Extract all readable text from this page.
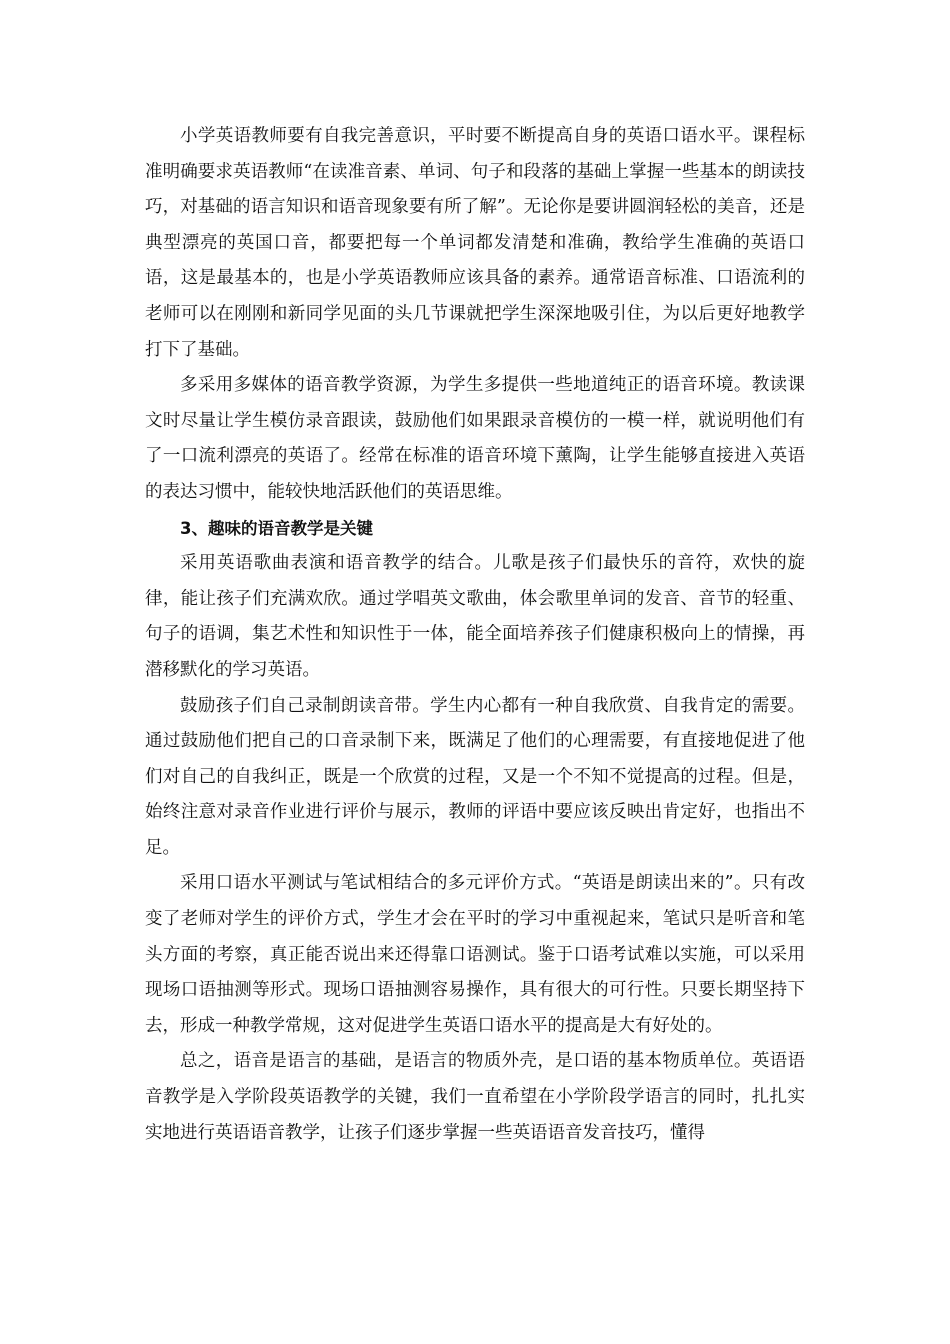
小学英语教师要有自我完善意识，平时要不断提高自身的英语口语水平。课程标准明确要求英语教师“在读准音素、单词、句子和段落的基础上掌握一些基本的朗读技巧，对基础的语言知识和语音现象要有所了解”。无论你是要讲圆润轻松的美音，还是典型漂亮的英国口音，都要把每一个单词都发清楚和准确，教给学生准确的英语口语，这是最基本的，也是小学英语教师应该具备的素养。通常语音标准、口语流利的老师可以在刚刚和新同学见面的头几节课就把学生深深地吸引住，为以后更好地教学打下了基础。

多采用多媒体的语音教学资源，为学生多提供一些地道纯正的语音环境。教读课文时尽量让学生模仿录音跟读，鼓励他们如果跟录音模仿的一模一样，就说明他们有了一口流利漂亮的英语了。经常在标准的语音环境下薰陶，让学生能够直接进入英语的表达习惯中，能较快地活跃他们的英语思维。

3、趣味的语音教学是关键

采用英语歌曲表演和语音教学的结合。儿歌是孩子们最快乐的音符，欢快的旋律，能让孩子们充满欢欣。通过学唱英文歌曲，体会歌里单词的发音、音节的轻重、句子的语调，集艺术性和知识性于一体，能全面培养孩子们健康积极向上的情操，再潜移默化的学习英语。

鼓励孩子们自己录制朗读音带。学生内心都有一种自我欣赏、自我肯定的需要。通过鼓励他们把自己的口音录制下来，既满足了他们的心理需要，有直接地促进了他们对自己的自我纠正，既是一个欣赏的过程，又是一个不知不觉提高的过程。但是，始终注意对录音作业进行评价与展示，教师的评语中要应该反映出肯定好，也指出不足。

采用口语水平测试与笔试相结合的多元评价方式。“英语是朗读出来的”。只有改变了老师对学生的评价方式，学生才会在平时的学习中重视起来，笔试只是听音和笔头方面的考察，真正能否说出来还得靠口语测试。鉴于口语考试难以实施，可以采用现场口语抽测等形式。现场口语抽测容易操作，具有很大的可行性。只要长期坚持下去，形成一种教学常规，这对促进学生英语口语水平的提高是大有好处的。

总之，语音是语言的基础，是语言的物质外壳，是口语的基本物质单位。英语语音教学是入学阶段英语教学的关键，我们一直希望在小学阶段学语言的同时，扎扎实实地进行英语语音教学，让孩子们逐步掌握一些英语语音发音技巧，懂得
